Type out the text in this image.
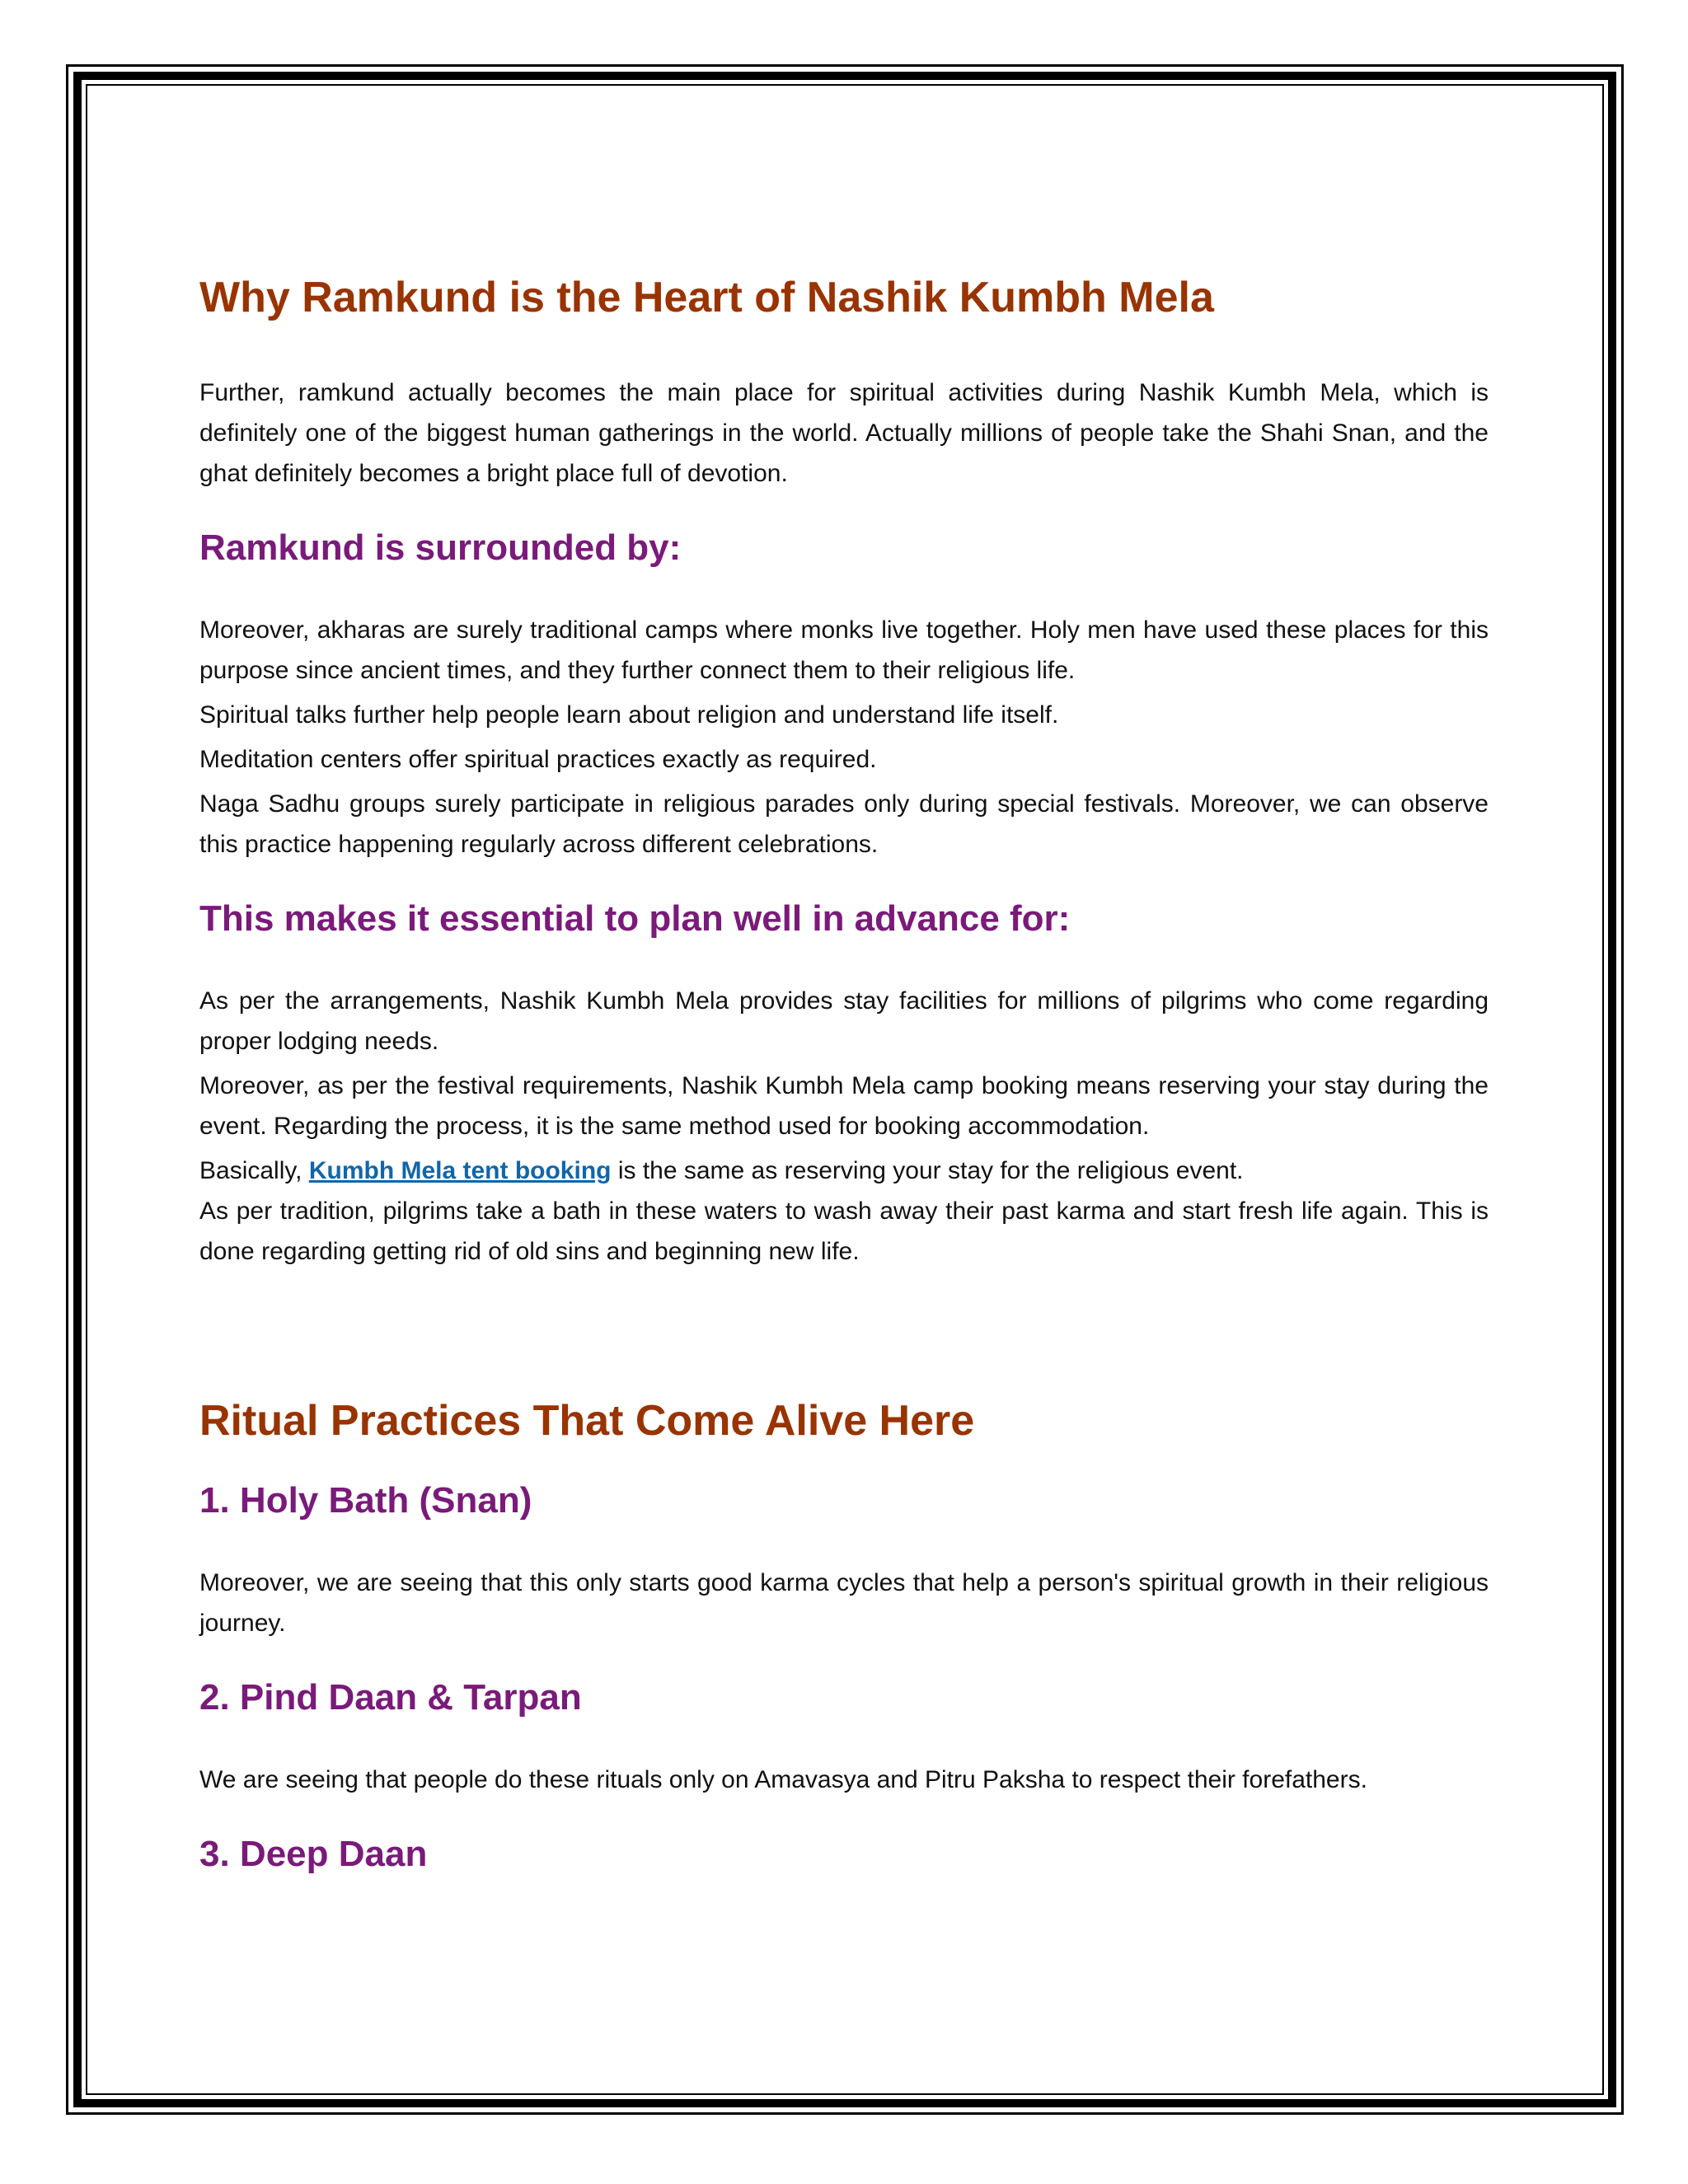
Why Ramkund is the Heart of Nashik Kumbh Mela

Further, ramkund actually becomes the main place for spiritual activities during Nashik Kumbh Mela, which is definitely one of the biggest human gatherings in the world. Actually millions of people take the Shahi Snan, and the ghat definitely becomes a bright place full of devotion.

Ramkund is surrounded by:

Moreover, akharas are surely traditional camps where monks live together. Holy men have used these places for this purpose since ancient times, and they further connect them to their religious life.

Spiritual talks further help people learn about religion and understand life itself.

Meditation centers offer spiritual practices exactly as required.

Naga Sadhu groups surely participate in religious parades only during special festivals. Moreover, we can observe this practice happening regularly across different celebrations.

This makes it essential to plan well in advance for:

As per the arrangements, Nashik Kumbh Mela provides stay facilities for millions of pilgrims who come regarding proper lodging needs.

Moreover, as per the festival requirements, Nashik Kumbh Mela camp booking means reserving your stay during the event. Regarding the process, it is the same method used for booking accommodation.

Basically, Kumbh Mela tent booking is the same as reserving your stay for the religious event.

As per tradition, pilgrims take a bath in these waters to wash away their past karma and start fresh life again. This is done regarding getting rid of old sins and beginning new life.

Ritual Practices That Come Alive Here
1. Holy Bath (Snan)

Moreover, we are seeing that this only starts good karma cycles that help a person's spiritual growth in their religious journey.

2. Pind Daan & Tarpan

We are seeing that people do these rituals only on Amavasya and Pitru Paksha to respect their forefathers.

3. Deep Daan
